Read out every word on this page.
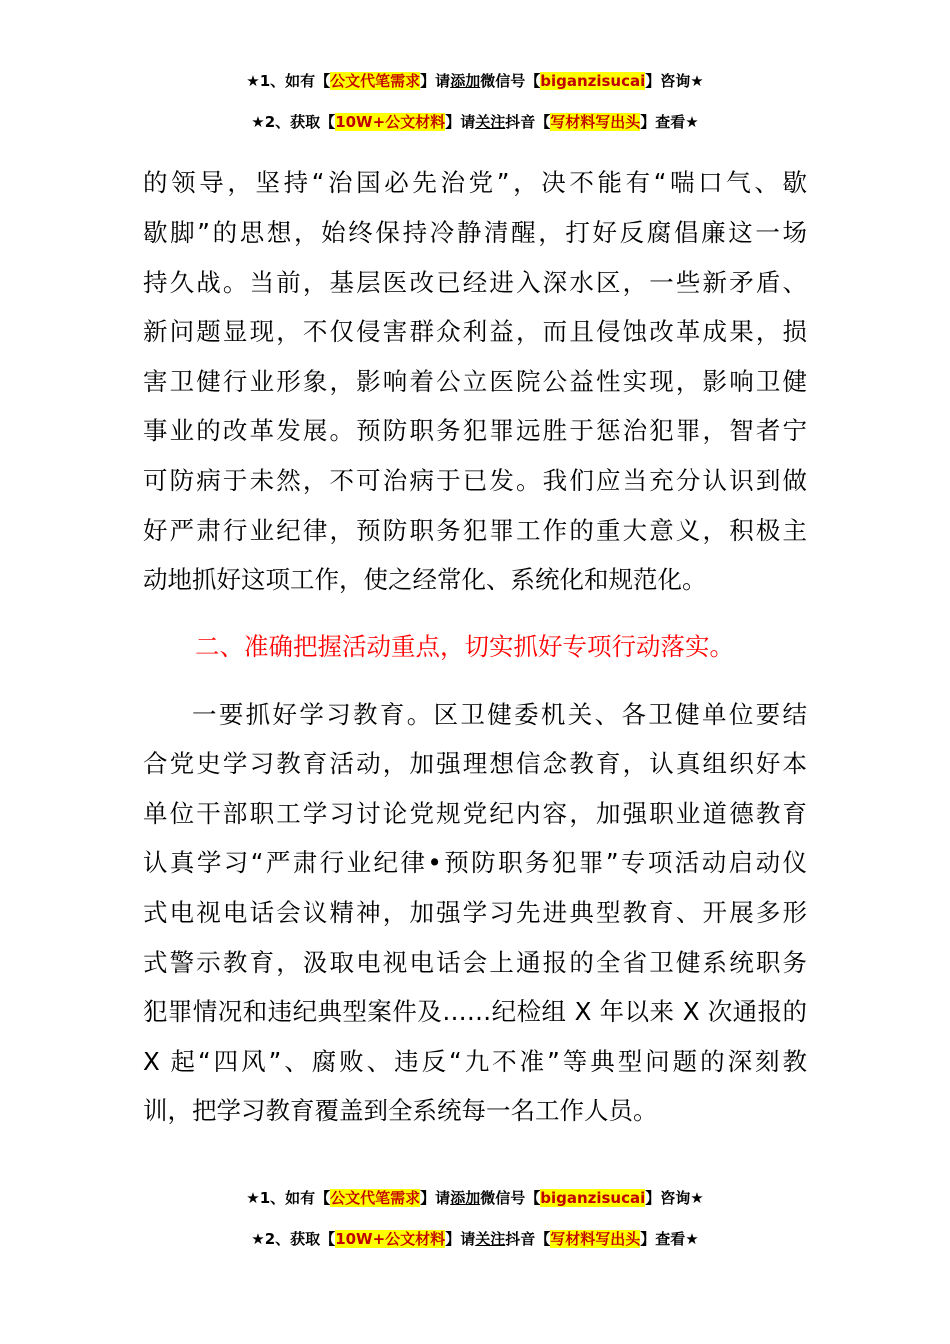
★1、如有【公文代笔需求】请添加微信号【biganzisucai】咨询★
★2、获取【10W+公文材料】请关注抖音【写材料写出头】查看★

的领导，坚持“治国必先治党”，决不能有“喘口气、歇

歇脚”的思想，始终保持冷静清醒，打好反腐倡廉这一场

持久战。当前，基层医改已经进入深水区，一些新矛盾、

新问题显现，不仅侵害群众利益，而且侵蚀改革成果，损

害卫健行业形象，影响着公立医院公益性实现，影响卫健

事业的改革发展。预防职务犯罪远胜于惩治犯罪，智者宁

可防病于未然，不可治病于已发。我们应当充分认识到做

好严肃行业纪律，预防职务犯罪工作的重大意义，积极主

动地抓好这项工作，使之经常化、系统化和规范化。

二、准确把握活动重点，切实抓好专项行动落实。

一要抓好学习教育。区卫健委机关、各卫健单位要结

合党史学习教育活动，加强理想信念教育，认真组织好本

单位干部职工学习讨论党规党纪内容，加强职业道德教育

认真学习“严肃行业纪律•预防职务犯罪”专项活动启动仪

式电视电话会议精神，加强学习先进典型教育、开展多形

式警示教育，汲取电视电话会上通报的全省卫健系统职务

犯罪情况和违纪典型案件及……纪检组 X 年以来 X 次通报的

X 起“四风”、腐败、违反“九不准”等典型问题的深刻教

训，把学习教育覆盖到全系统每一名工作人员。

★1、如有【公文代笔需求】请添加微信号【biganzisucai】咨询★
★2、获取【10W+公文材料】请关注抖音【写材料写出头】查看★
